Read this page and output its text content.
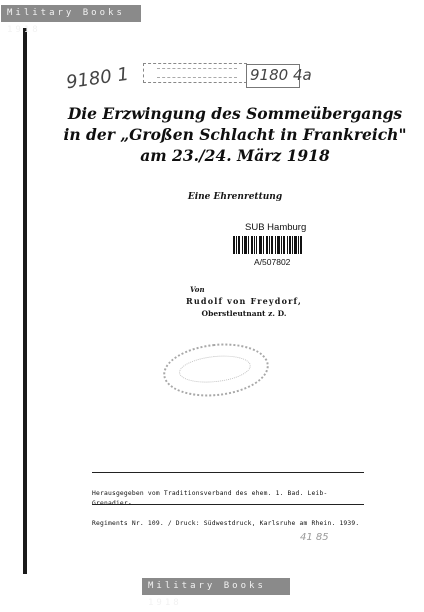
Military Books 1918
9180 1	9180 4a
Die Erzwingung des Sommeübergangs
in der „Großen Schlacht in Frankreich"
am 23./24. März 1918
Eine Ehrenrettung
SUB Hamburg
A/507802
Von
Rudolf von Freydorf,
Oberstleutnant z. D.

Herausgegeben vom Traditionsverband des ehem. 1. Bad. Leib-

Regiments Nr. 109. / Druck: Südwestdruck, Karlsruhe am Rhein. 1939.

41 85
Military Books 1918
